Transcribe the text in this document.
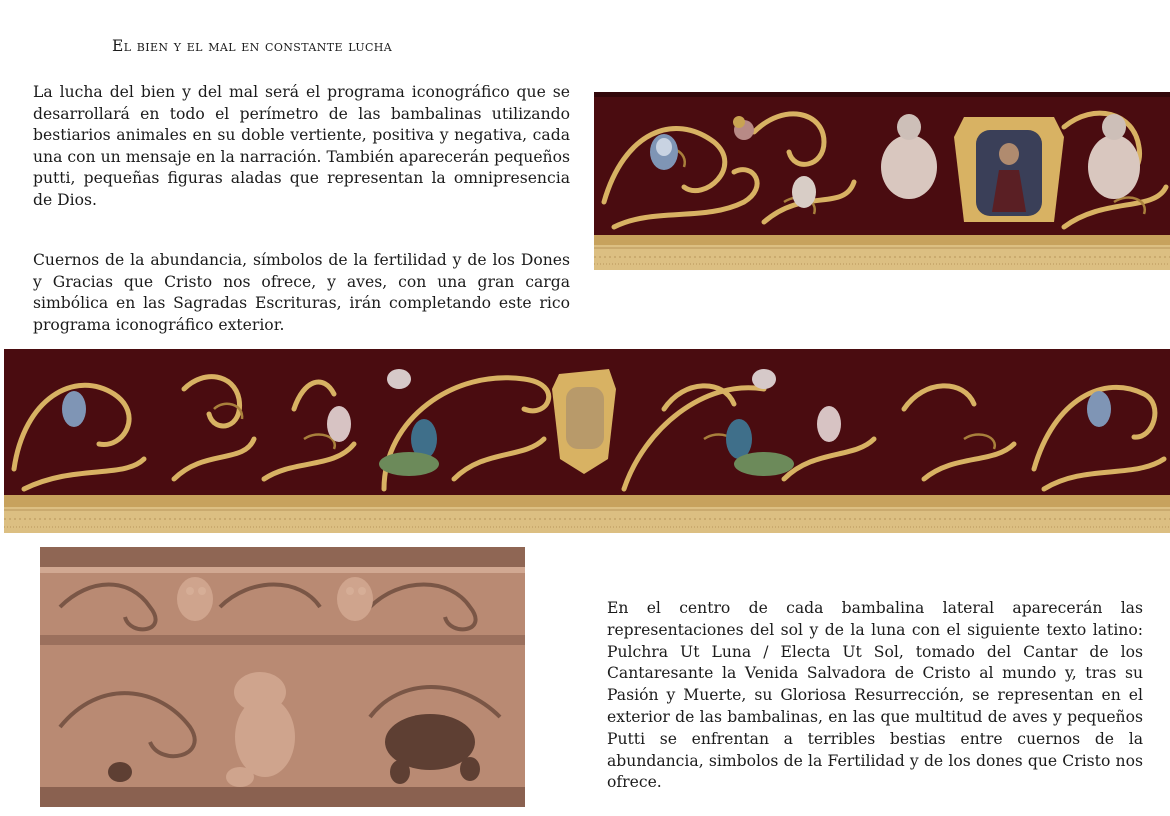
El bien y el mal en constante lucha

La lucha del bien y del mal será el programa iconográfico que se desarrollará en todo el perímetro de las bambalinas utilizando bestiarios animales en su doble vertiente, positiva y negativa, cada una con un mensaje en la narración. También aparecerán pequeños putti, pequeñas figuras aladas que representan la omnipresencia de Dios.

Cuernos de la abundancia, símbolos de la fertilidad y de los Dones y Gracias que Cristo nos ofrece, y aves, con una gran carga simbólica en las Sagradas Escrituras, irán completando este rico programa iconográfico exterior.

En el centro de cada bambalina lateral aparecerán las representaciones del sol y de la luna con el siguiente texto latino: Pulchra Ut Luna / Electa Ut Sol, tomado del Cantar de los Cantaresante la Venida Salvadora de Cristo al mundo y, tras su Pasión y Muerte, su Gloriosa Resurrección, se representan en el exterior de las bambalinas, en las que multitud de aves y pequeños Putti se enfrentan a terribles bestias entre cuernos de la abundancia, simbolos de la Fertilidad y de los dones que Cristo nos ofrece.
